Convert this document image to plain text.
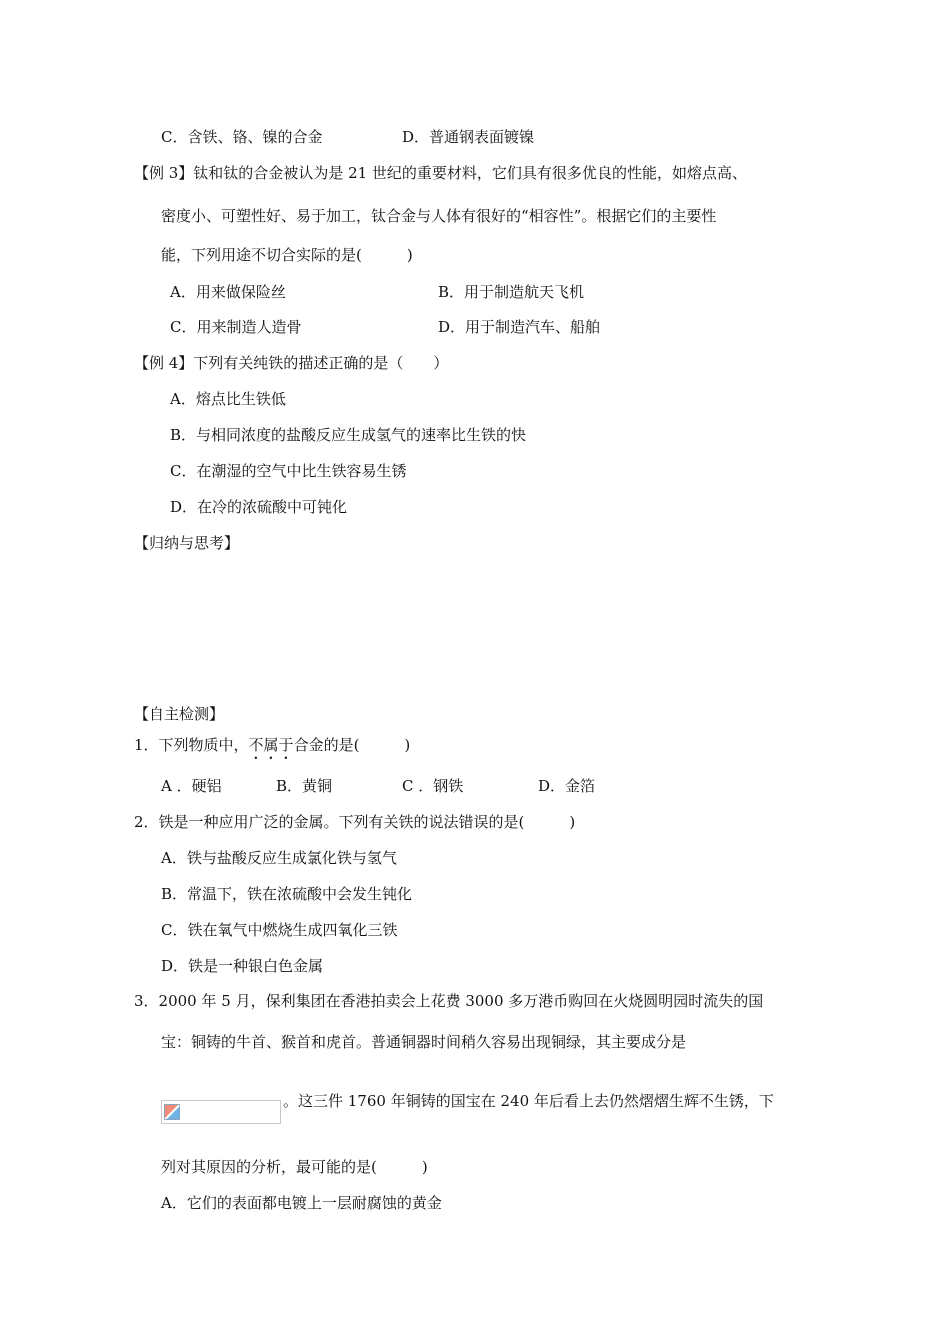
C．含铁、铬、镍的合金	D．普通钢表面镀镍
【例 3】钛和钛的合金被认为是 21 世纪的重要材料，它们具有很多优良的性能，如熔点高、
密度小、可塑性好、易于加工，钛合金与人体有很好的“相容性”。根据它们的主要性
能，下列用途不切合实际的是(　　　)
A．用来做保险丝	B．用于制造航天飞机
C．用来制造人造骨	D．用于制造汽车、船舶
【例 4】下列有关纯铁的描述正确的是（　　）
A．熔点比生铁低
B．与相同浓度的盐酸反应生成氢气的速率比生铁的快
C．在潮湿的空气中比生铁容易生锈
D．在冷的浓硫酸中可钝化
【归纳与思考】
【自主检测】
1．下列物质中，不属于合金的是(　　　)
A ．硬铝	B．黄铜	C ．钢铁	D．金箔
2．铁是一种应用广泛的金属。下列有关铁的说法错误的是(　　　)
A．铁与盐酸反应生成氯化铁与氢气
B．常温下，铁在浓硫酸中会发生钝化
C．铁在氧气中燃烧生成四氧化三铁
D．铁是一种银白色金属
3．2000 年 5 月，保利集团在香港拍卖会上花费 3000 多万港币购回在火烧圆明园时流失的国
宝：铜铸的牛首、猴首和虎首。普通铜器时间稍久容易出现铜绿，其主要成分是
。这三件 1760 年铜铸的国宝在 240 年后看上去仍然熠熠生辉不生锈，下
列对其原因的分析，最可能的是(　　　)
A．它们的表面都电镀上一层耐腐蚀的黄金
